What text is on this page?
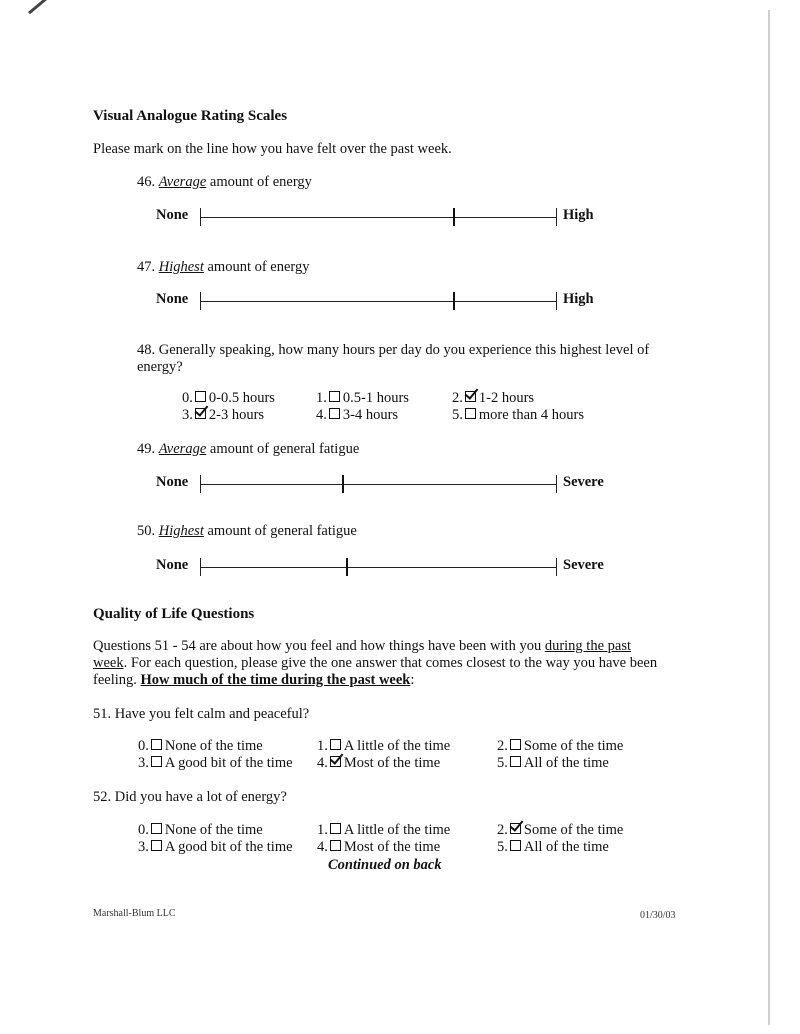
Visual Analogue Rating Scales
Please mark on the line how you have felt over the past week.
46. Average amount of energy
None	High
47. Highest amount of energy
None	High
48. Generally speaking, how many hours per day do you experience this highest level of energy?
0. 0-0.5 hours	1. 0.5-1 hours	2. 1-2 hours
3. 2-3 hours	4. 3-4 hours	5. more than 4 hours
49. Average amount of general fatigue
None	Severe
50. Highest amount of general fatigue
None	Severe
Quality of Life Questions
Questions 51 - 54 are about how you feel and how things have been with you during the past week. For each question, please give the one answer that comes closest to the way you have been feeling. How much of the time during the past week:
51. Have you felt calm and peaceful?
0. None of the time	1. A little of the time	2. Some of the time
3. A good bit of the time 4. Most of the time	5. All of the time
52. Did you have a lot of energy?
0. None of the time	1. A little of the time	2. Some of the time
3. A good bit of the time 4. Most of the time	5. All of the time
Continued on back
Marshall-Blum LLC	01/30/03
